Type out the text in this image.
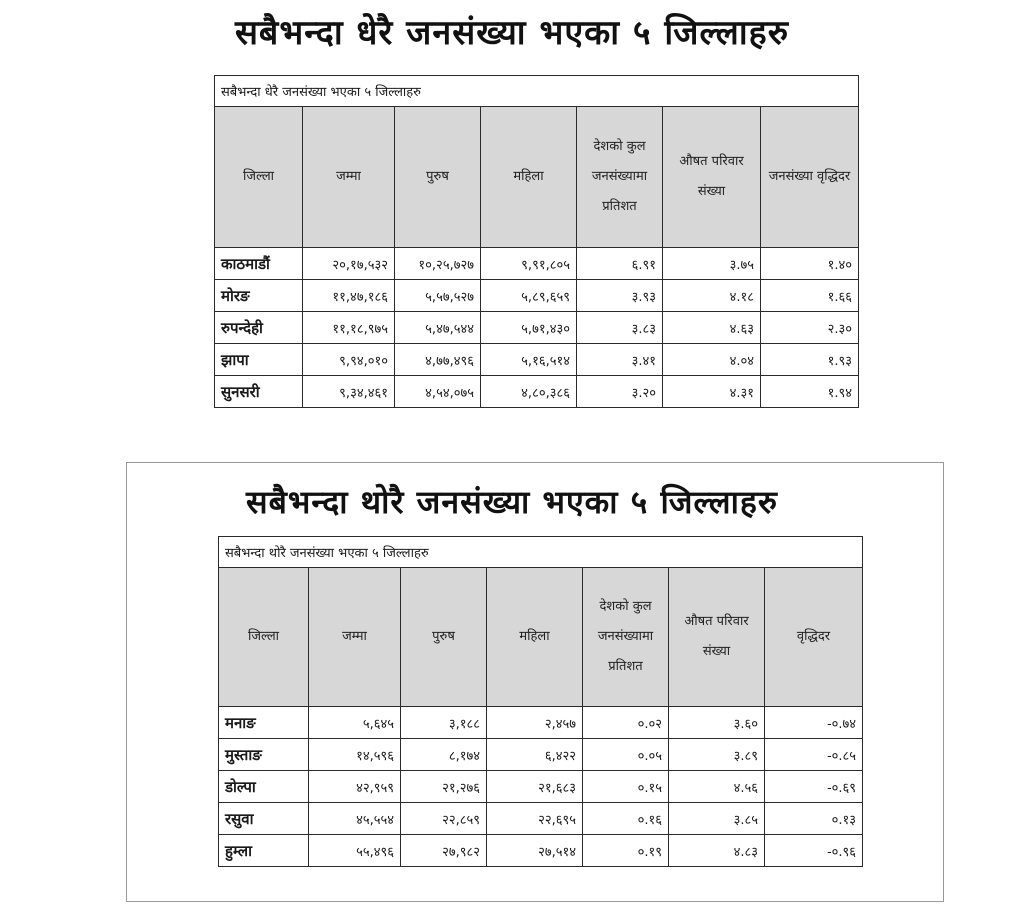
सबैभन्दा धेरै जनसंख्या भएका ५ जिल्लाहरु
सबैभन्दा धेरै जनसंख्या भएका ५ जिल्लाहरु						
जिल्ला	जम्मा	पुरुष	महिला	देशको कुल जनसंख्यामा प्रतिशत	औषत परिवार संख्या	जनसंख्या वृद्धिदर
काठमाडौं	२०,१७,५३२	१०,२५,७२७	९,९१,८०५	६.९१	३.७५	१.४०
मोरङ	११,४७,१८६	५,५७,५२७	५,८९,६५९	३.९३	४.१८	१.६६
रुपन्देही	११,१८,९७५	५,४७,५४४	५,७१,४३०	३.८३	४.६३	२.३०
झापा	९,९४,०१०	४,७७,४९६	५,१६,५१४	३.४१	४.०४	१.९३
सुनसरी	९,३४,४६१	४,५४,०७५	४,८०,३८६	३.२०	४.३१	१.९४
सबैभन्दा थोरै जनसंख्या भएका ५ जिल्लाहरु
सबैभन्दा थोरै जनसंख्या भएका ५ जिल्लाहरु						
जिल्ला	जम्मा	पुरुष	महिला	देशको कुल जनसंख्यामा प्रतिशत	औषत परिवार संख्या	वृद्धिदर
मनाङ	५,६४५	३,१८८	२,४५७	०.०२	३.६०	-०.७४
मुस्ताङ	१४,५९६	८,१७४	६,४२२	०.०५	३.८९	-०.८५
डोल्पा	४२,९५९	२१,२७६	२१,६८३	०.१५	४.५६	-०.६९
रसुवा	४५,५५४	२२,८५९	२२,६९५	०.१६	३.८५	०.१३
हुम्ला	५५,४९६	२७,९८२	२७,५१४	०.१९	४.८३	-०.९६
